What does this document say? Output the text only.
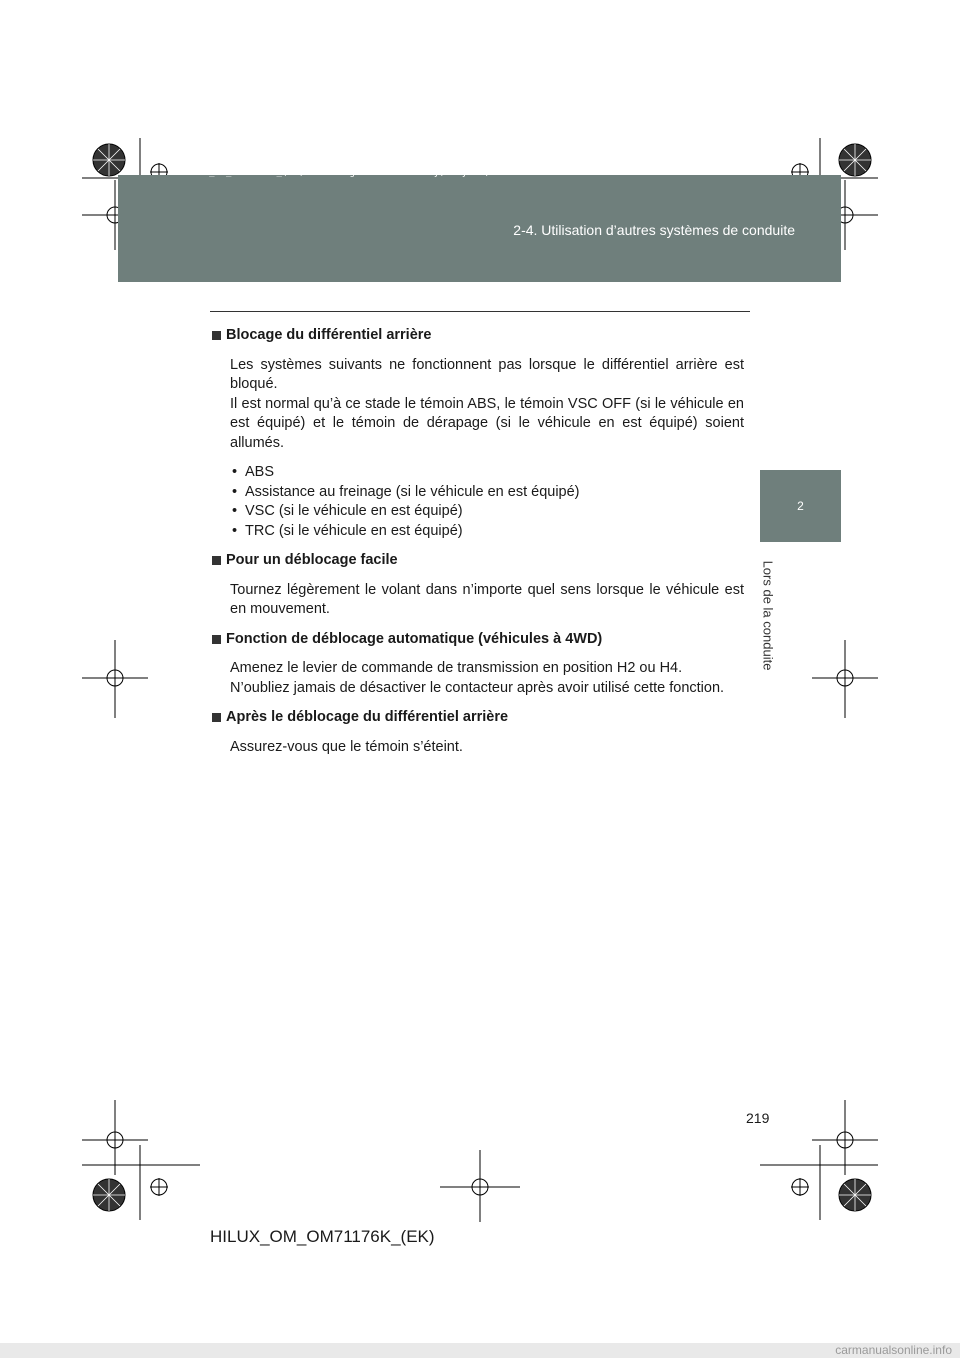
2-4. Utilisation d’autres systèmes de conduite
HILUX_OM_OM71176K_(EK).book Page 219 Wednesday, May 16, 2012 2:32 PM
2
Lors de la conduite

Blocage du différentiel arrière

Les systèmes suivants ne fonctionnent pas lorsque le différentiel arrière est bloqué.
Il est normal qu’à ce stade le témoin ABS, le témoin VSC OFF (si le véhicule en est équipé) et le témoin de dérapage (si le véhicule en est équipé) soient allumés.

• ABS
• Assistance au freinage (si le véhicule en est équipé)
• VSC (si le véhicule en est équipé)
• TRC (si le véhicule en est équipé)

Pour un déblocage facile

Tournez légèrement le volant dans n’importe quel sens lorsque le véhicule est en mouvement.

Fonction de déblocage automatique (véhicules à 4WD)

Amenez le levier de commande de transmission en position H2 ou H4.
N’oubliez jamais de désactiver le contacteur après avoir utilisé cette fonction.

Après le déblocage du différentiel arrière

Assurez-vous que le témoin s’éteint.

219
HILUX_OM_OM71176K_(EK)
carmanualsonline.info
